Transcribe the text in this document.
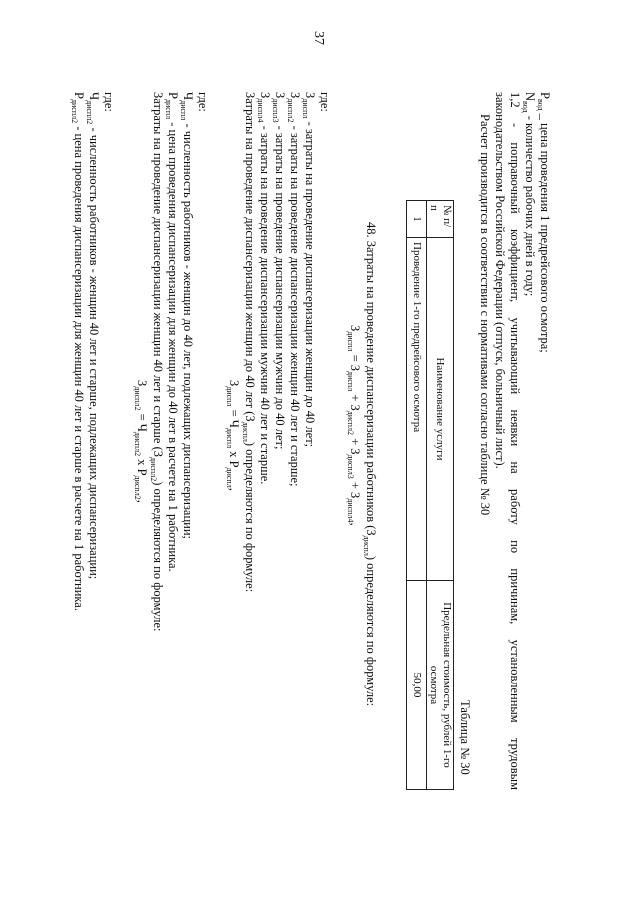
37
$P_{вод}$ _ цена проведения 1 предрейсового осмотра;
$N_{вод}$ - количество рабочих дней в году;
1,2 - поправочный коэффициент, учитывающий неявки на работу по причинам, установленным трудовым
законодательством Российской Федерации (отпуск, больничный лист).
Расчет производится в соответствии с нормативами согласно таблице № 30
Таблица № 30
№ п/п	Наименование услуги	Предельная стоимость, рублей 1-го осмотра
1	Проведение 1-го предрейсового осмотра	50,00
48. Затраты на проведение диспансеризации работников $(З_{диспл})$ определяются по формуле:
$З_{диспл} = З_{диспл} + З_{диспл2} + З_{диспл3} + З_{диспл4}$,
где:
$З_{диспл}$ - затраты на проведение диспансеризации женщин до 40 лет;
$З_{диспл2}$ - затраты на проведение диспансеризации женщин 40 лет и старше;
$З_{диспл3}$ - затраты на проведение диспансеризации мужчин до 40 лет;
$З_{диспл4}$ - затраты на проведение диспансеризации мужчин 40 лет и старше.
Затраты на проведение диспансеризации женщин до 40 лет $(З_{диспл})$ определяются по формуле:
$З_{диспл} = Ч_{диспл}$ x $P_{диспл}$,
где:
$Ч_{диспл}$ - численность работников - женщин до 40 лет, подлежащих диспансеризации;
$Р_{диспл}$ - цена проведения диспансеризации для женщин до 40 лет в расчете на 1 работника.
Затраты на проведение диспансеризации женщин 40 лет и старше $(З_{диспл2})$ определяются по формуле:
$З_{диспл2} = Ч_{диспл2}$ x $P_{диспл2}$,
где:
$Ч_{диспл2}$ - численность работников - женщин 40 лет и старше, подлежащих диспансеризации;
$Р_{диспл2}$ - цена проведения диспансеризации для женщин 40 лет и старше в расчете на 1 работника.
